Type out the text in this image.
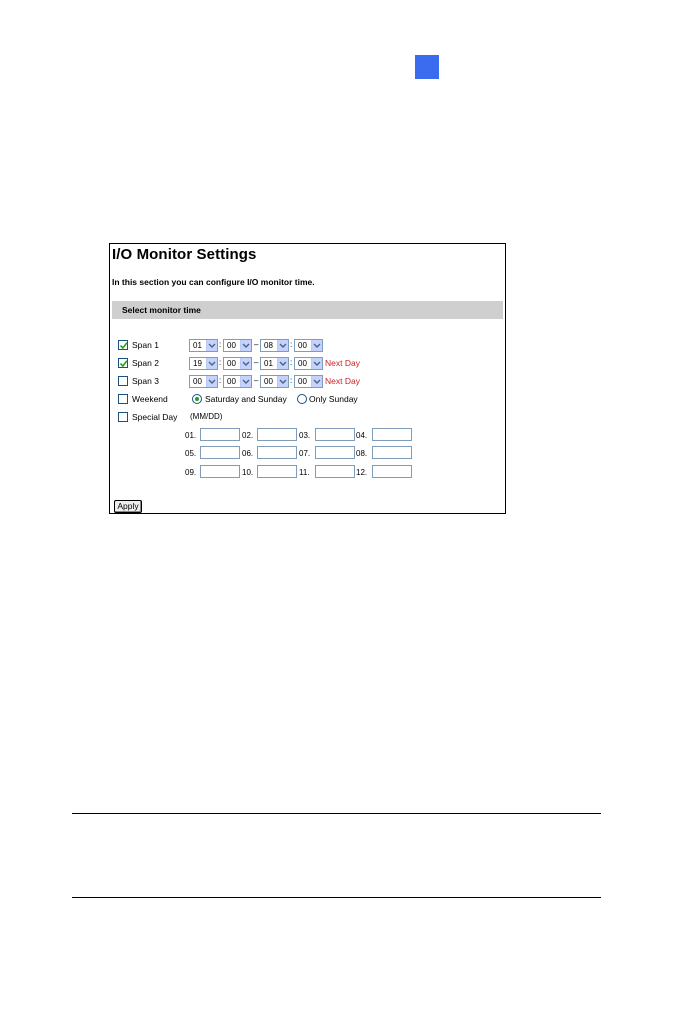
I/O Monitor Settings
In this section you can configure I/O monitor time.
Select monitor time
Span 1	01 : 00 – 08 : 00
Span 2	19 : 00 – 01 : 00 Next Day
Span 3	00 : 00 – 00 : 00 Next Day
Weekend	Saturday and Sunday	Only Sunday
Special Day (MM/DD)
01.	02.	03.	04.
05.	06.	07.	08.
09.	10.	11.	12.
Apply
